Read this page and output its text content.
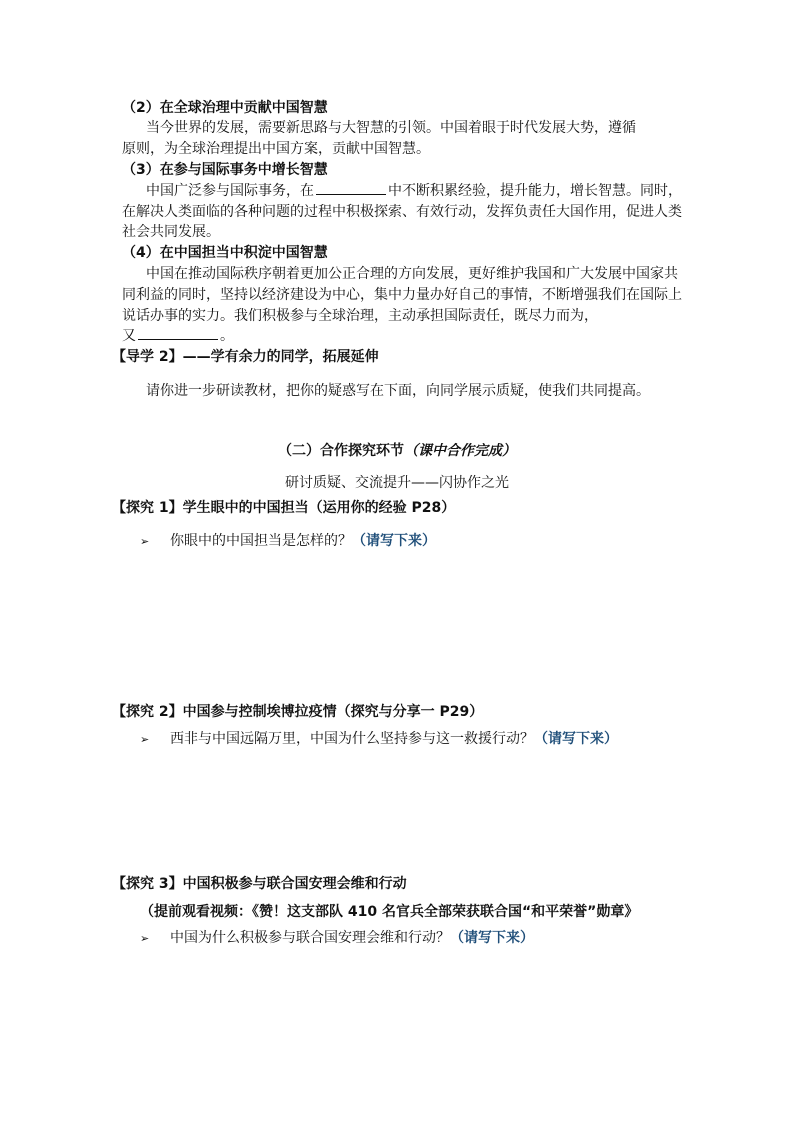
（2）在全球治理中贡献中国智慧
当今世界的发展，需要新思路与大智慧的引领。中国着眼于时代发展大势，遵循
原则，为全球治理提出中国方案，贡献中国智慧。
（3）在参与国际事务中增长智慧
中国广泛参与国际事务，在	中不断积累经验，提升能力，增长智慧。同时，
在解决人类面临的各种问题的过程中积极探索、有效行动，发挥负责任大国作用，促进人类
社会共同发展。
（4）在中国担当中积淀中国智慧
中国在推动国际秩序朝着更加公正合理的方向发展，更好维护我国和广大发展中国家共
同利益的同时，坚持以经济建设为中心，集中力量办好自己的事情，不断增强我们在国际上
说话办事的实力。我们积极参与全球治理，主动承担国际责任，既尽力而为，
又	。
【导学 2】——学有余力的同学，拓展延伸
请你进一步研读教材，把你的疑惑写在下面，向同学展示质疑，使我们共同提高。
（二）合作探究环节（课中合作完成）
研讨质疑、交流提升——闪协作之光
【探究 1】学生眼中的中国担当（运用你的经验 P28）
➢ 你眼中的中国担当是怎样的？（请写下来）
【探究 2】中国参与控制埃博拉疫情（探究与分享一 P29）
➢ 西非与中国远隔万里，中国为什么坚持参与这一救援行动？（请写下来）
【探究 3】中国积极参与联合国安理会维和行动
（提前观看视频：《赞！这支部队 410 名官兵全部荣获联合国“和平荣誉”勋章》
➢ 中国为什么积极参与联合国安理会维和行动？（请写下来）
